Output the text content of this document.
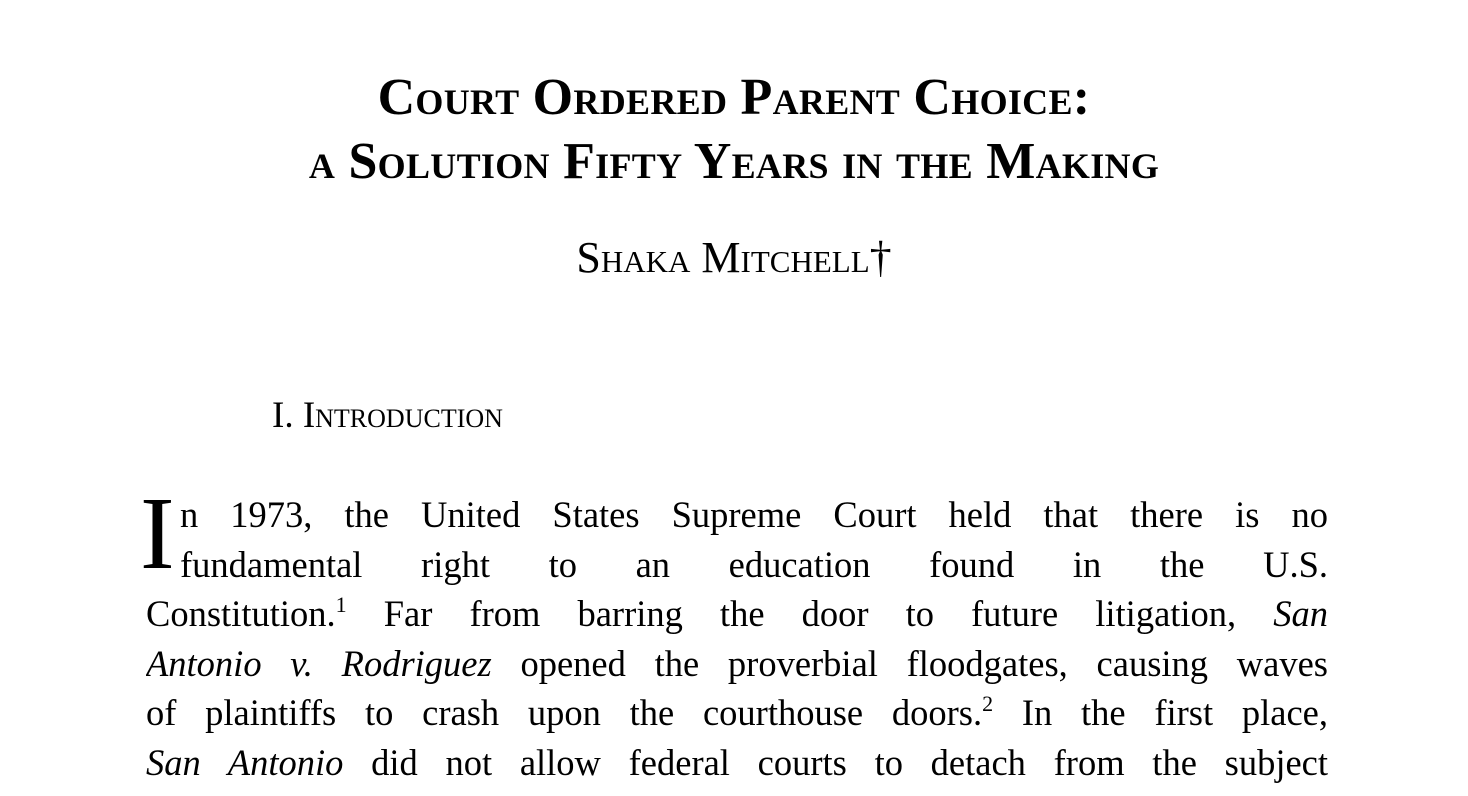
Court Ordered Parent Choice:
a Solution Fifty Years in the Making
Shaka Mitchell†
I. Introduction
I n 1973, the United States Supreme Court held that there is no
fundamental right to an education found in the U.S.
Constitution.$^1$ Far from barring the door to future litigation, San
Antonio v. Rodriguez opened the proverbial floodgates, causing waves
of plaintiffs to crash upon the courthouse doors.$^2$ In the first place,
San Antonio did not allow federal courts to detach from the subject
